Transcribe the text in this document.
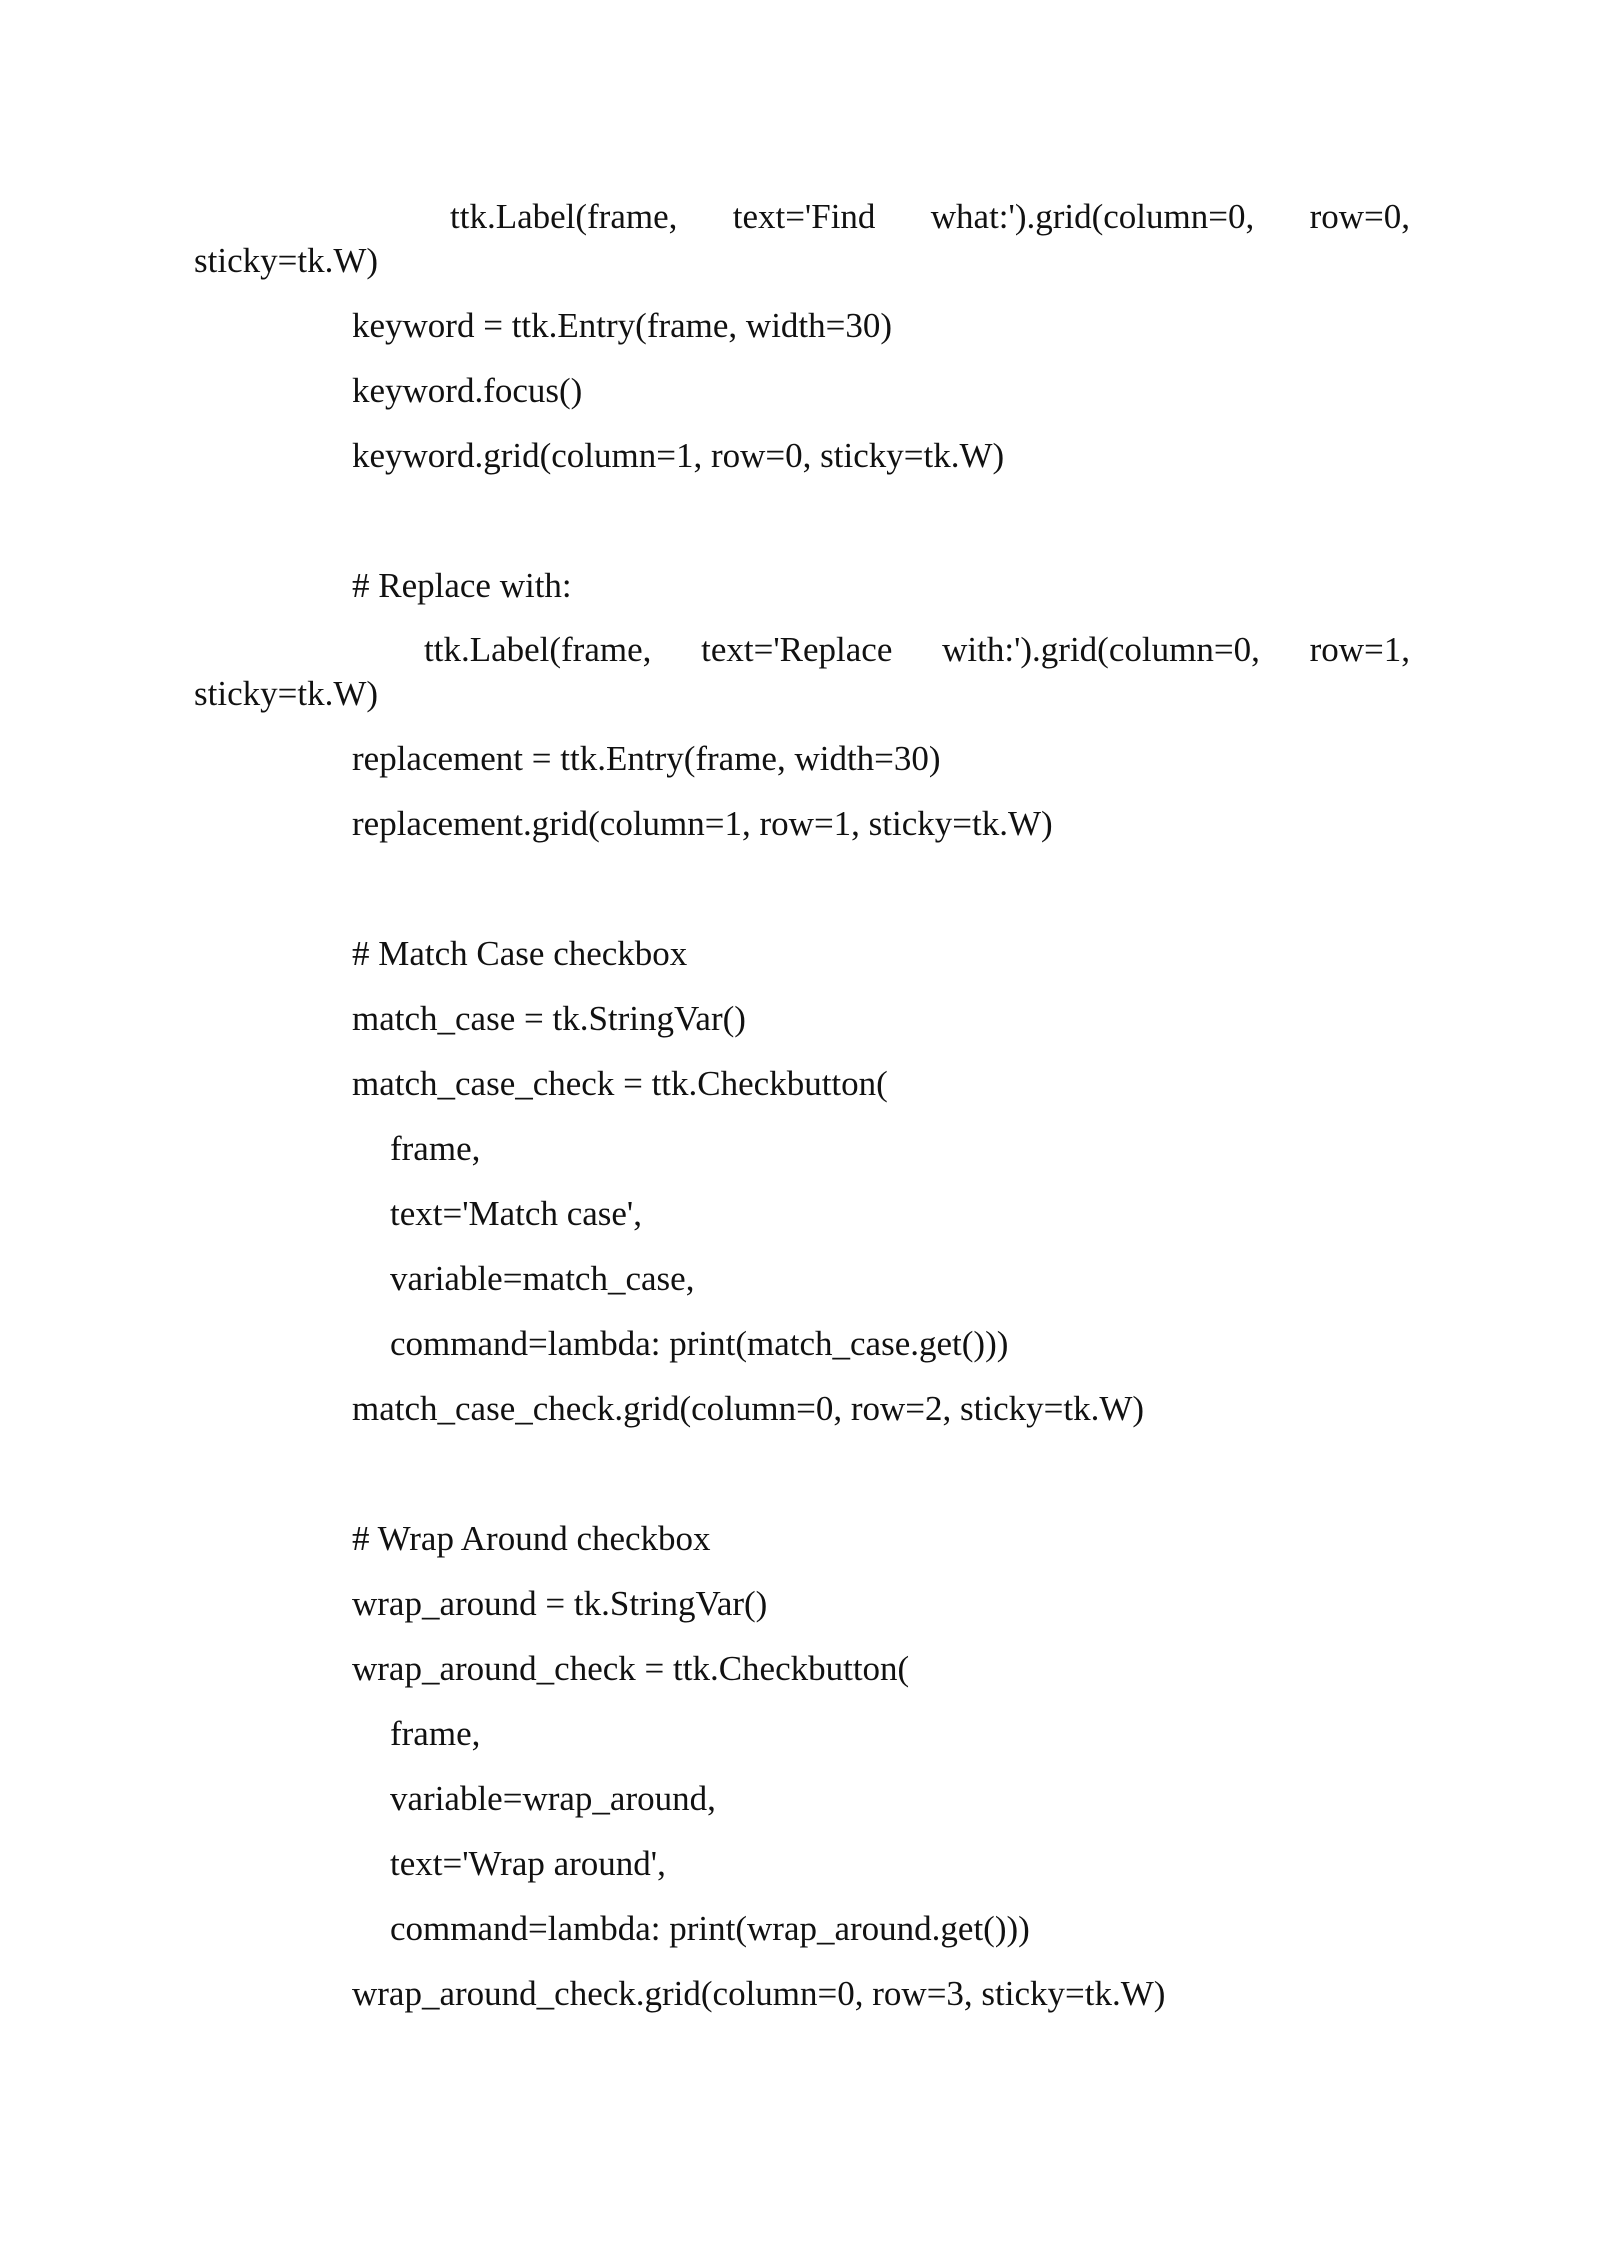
ttk.Label(frame, text='Find what:').grid(column=0, row=0,
sticky=tk.W)
keyword = ttk.Entry(frame, width=30)
keyword.focus()
keyword.grid(column=1, row=0, sticky=tk.W)
# Replace with:
ttk.Label(frame, text='Replace with:').grid(column=0, row=1,
sticky=tk.W)
replacement = ttk.Entry(frame, width=30)
replacement.grid(column=1, row=1, sticky=tk.W)
# Match Case checkbox
match_case = tk.StringVar()
match_case_check = ttk.Checkbutton(
frame,
text='Match case',
variable=match_case,
command=lambda: print(match_case.get()))
match_case_check.grid(column=0, row=2, sticky=tk.W)
# Wrap Around checkbox
wrap_around = tk.StringVar()
wrap_around_check = ttk.Checkbutton(
frame,
variable=wrap_around,
text='Wrap around',
command=lambda: print(wrap_around.get()))
wrap_around_check.grid(column=0, row=3, sticky=tk.W)
